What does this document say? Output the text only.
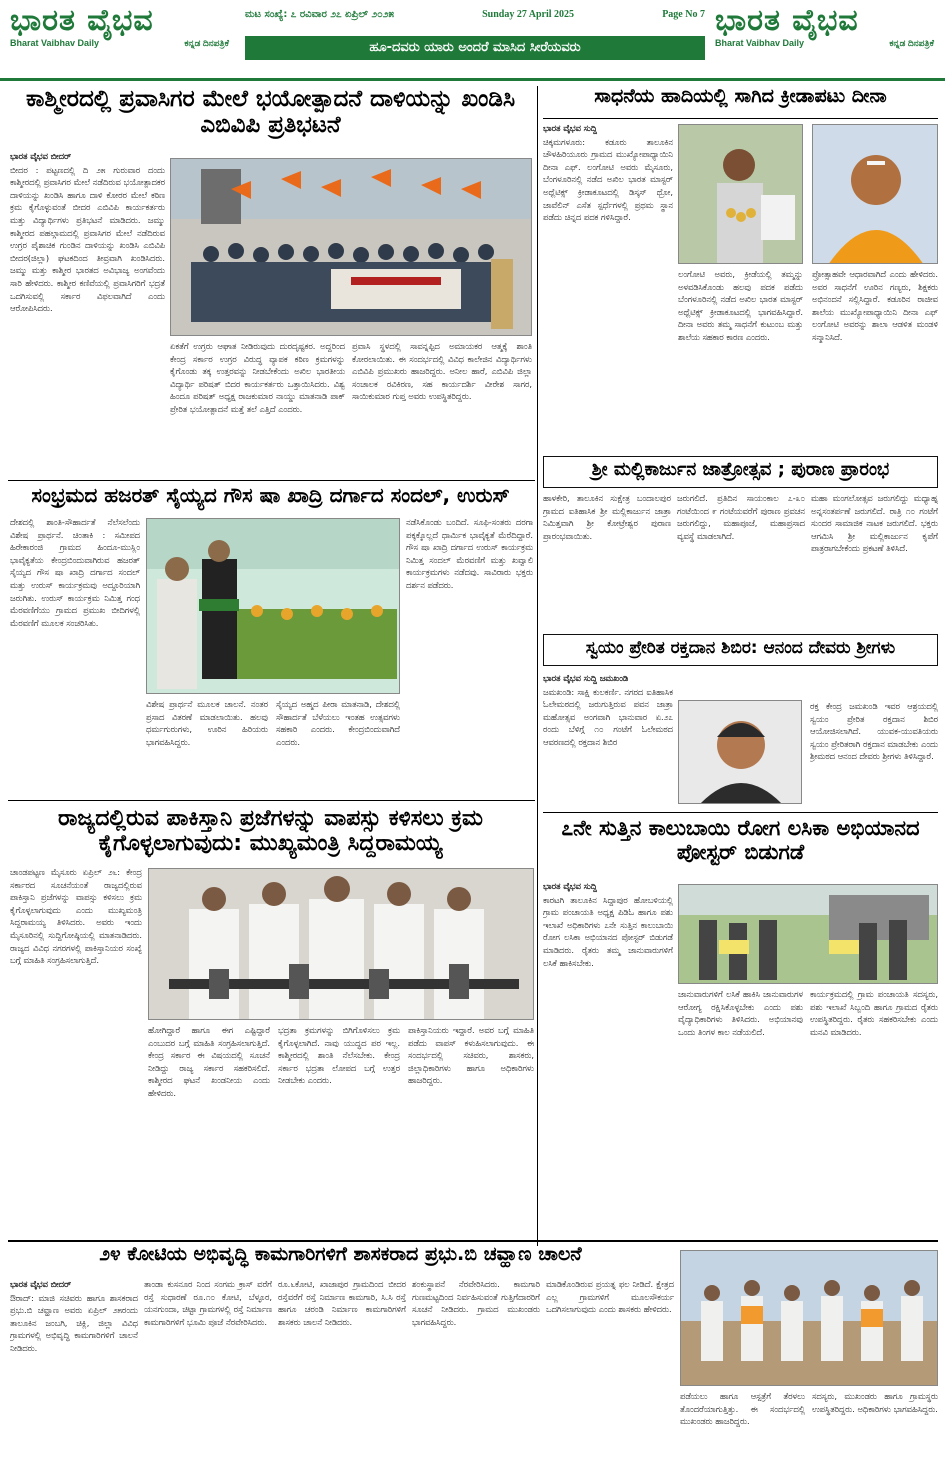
ಭಾರತ ವೈಭವ
Bharat Vaibhav Daily	ಕನ್ನಡ ದಿನಪತ್ರಿಕೆ
ಮಟ ಸಂಖ್ಯೆ: ೭ ರವಿವಾರ ೨೭ ಏಪ್ರಿಲ್ ೨೦೨೫	Sunday 27 April 2025	Page No 7
ಹೂ-ದವರು ಯಾರು ಅಂದರೆ ಮಾಸಿದ ಸೀರೆಯವರು
ಭಾರತ ವೈಭವ
Bharat Vaibhav Daily	ಕನ್ನಡ ದಿನಪತ್ರಿಕೆ
ಕಾಶ್ಮೀರದಲ್ಲಿ ಪ್ರವಾಸಿಗರ ಮೇಲೆ ಭಯೋತ್ಪಾದನೆ ದಾಳಿಯನ್ನು ಖಂಡಿಸಿ ಎಬಿವಿಪಿ ಪ್ರತಿಭಟನೆ

ಭಾರತ ವೈಭವ ಬೀದರ್

ಬೀದರ : ಪಟ್ಟಣದಲ್ಲಿ ದಿ ೨೫ ಗುರುವಾರ ದಂದು ಕಾಶ್ಮೀರದಲ್ಲಿ ಪ್ರವಾಸಿಗರ ಮೇಲೆ ನಡೆದಿರುವ ಭಯೋತ್ಪಾದಕರ ದಾಳಿಯನ್ನು ಖಂಡಿಸಿ ಹಾಗೂ ದಾಳಿ ಕೋರರ ಮೇಲೆ ಕಠಿಣ ಕ್ರಮ ಕೈಗೊಳ್ಳುವಂತೆ ಬೀದರ ಎಬಿವಿಪಿ ಕಾರ್ಯಕರ್ತರು ಮತ್ತು ವಿದ್ಯಾರ್ಥಿಗಳು ಪ್ರತಿಭಟನೆ ಮಾಡಿದರು. ಜಮ್ಮು ಕಾಶ್ಮೀರದ ಪಹಲ್ಗಾಮದಲ್ಲಿ ಪ್ರವಾಸಿಗರ ಮೇಲೆ ನಡೆದಿರುವ ಉಗ್ರರ ಪೈಶಾಚಿಕ ಗುಂಡಿನ ದಾಳಿಯನ್ನು ಖಂಡಿಸಿ ಎಬಿವಿಪಿ ಬೀದರ(ಜಿಲ್ಲಾ) ಘಟಕದಿಂದ ತೀವ್ರವಾಗಿ ಖಂಡಿಸಿದರು. ಜಮ್ಮು ಮತ್ತು ಕಾಶ್ಮೀರ ಭಾರತದ ಅವಿಭಾಜ್ಯ ಅಂಗವೆಂದು ಸಾರಿ ಹೇಳಿದರು. ಕಾಶ್ಮೀರ ಕಣಿವೆಯಲ್ಲಿ ಪ್ರವಾಸಿಗರಿಗೆ ಭದ್ರತೆ ಒದಗಿಸುವಲ್ಲಿ ಸರ್ಕಾರ ವಿಫಲವಾಗಿದೆ ಎಂದು ಆರೋಪಿಸಿದರು.

ಏಕತೆಗೆ ಉಗ್ರರು ಆಘಾತ ನೀಡಿರುವುದು ದುರದೃಷ್ಟಕರ. ಅದ್ದರಿಂದ ಕೇಂದ್ರ ಸರ್ಕಾರ ಉಗ್ರರ ವಿರುದ್ಧ ವ್ಯಾಪಕ ಕಠಿಣ ಕ್ರಮಗಳನ್ನು ಕೈಗೊಂಡು ತಕ್ಕ ಉತ್ತರವನ್ನು ನೀಡಬೇಕೆಂದು ಅಖಿಲ ಭಾರತೀಯ ವಿದ್ಯಾರ್ಥಿ ಪರಿಷತ್ ಬಿದರ ಕಾರ್ಯಕರ್ತರು ಒತ್ತಾಯಿಸಿದರು. ವಿಶ್ವ ಹಿಂದೂ ಪರಿಷತ್ ಅಧ್ಯಕ್ಷ ರಾಜಕುಮಾರ ನಾಯ್ಡು ಮಾತನಾಡಿ ಪಾಕ್ ಪ್ರೇರಿತ ಭಯೋತ್ಪಾದನೆ ಮತ್ತೆ ತಲೆ ಎತ್ತಿದೆ ಎಂದರು.
ಪ್ರವಾಸಿ ಸ್ಥಳದಲ್ಲಿ ಸಾವನ್ನಪ್ಪಿದ ಅಮಾಯಕರ ಆತ್ಮಕ್ಕೆ ಶಾಂತಿ ಕೋರಲಾಯಿತು. ಈ ಸಂದರ್ಭದಲ್ಲಿ ವಿವಿಧ ಕಾಲೇಜಿನ ವಿದ್ಯಾರ್ಥಿಗಳು ಎಬಿವಿಪಿ ಪ್ರಮುಖರು ಹಾಜರಿದ್ದರು. ಅನೀಲ ಹಾರೆ, ಎಬಿವಿಪಿ ಜಿಲ್ಲಾ ಸಂಚಾಲಕ ರವಿಕಿರಣ, ಸಹ ಕಾರ್ಯದರ್ಶಿ ವೀರೇಶ ಸಾಗರ, ಸಾಯಿಕುಮಾರ ಗುಪ್ತ ಅವರು ಉಪಸ್ಥಿತರಿದ್ದರು.
ಸಂಭ್ರಮದ ಹಜರತ್ ಸೈಯ್ಯದ ಗೌಸ ಷಾ ಖಾದ್ರಿ ದರ್ಗಾದ ಸಂದಲ್, ಉರುಸ್
ದೇಶದಲ್ಲಿ ಶಾಂತಿ-ಸೌಹಾರ್ದತೆ ನೆಲೆಸಲೆಂದು ವಿಶೇಷ ಪ್ರಾರ್ಥನೆ. ಚಿಂತಾಕಿ : ಸಮೀಪದ ಹಿರೇಕಾರಂಜಿ ಗ್ರಾಮದ ಹಿಂದೂ-ಮುಸ್ಲಿಂ ಭಾವೈಕ್ಯತೆಯ ಕೇಂದ್ರಬಿಂದುವಾಗಿರುವ ಹಜರತ್ ಸೈಯ್ಯದ ಗೌಸ ಷಾ ಖಾದ್ರಿ ದರ್ಗಾದ ಸಂದಲ್ ಮತ್ತು ಉರುಸ್ ಕಾರ್ಯಕ್ರಮವು ಅದ್ದೂರಿಯಾಗಿ ಜರುಗಿತು. ಉರುಸ್ ಕಾರ್ಯಕ್ರಮ ನಿಮಿತ್ತ ಗಂಧ ಮೆರವಣಿಗೆಯು ಗ್ರಾಮದ ಪ್ರಮುಖ ಬೀದಿಗಳಲ್ಲಿ ಮೆರವಣಿಗೆ ಮೂಲಕ ಸಂಚರಿಸಿತು.
ವಿಶೇಷ ಪ್ರಾರ್ಥನೆ ಮೂಲಕ ಚಾಲನೆ. ನಂತರ ಪ್ರಸಾದ ವಿತರಣೆ ಮಾಡಲಾಯಿತು. ಹಲವು ಧರ್ಮಗುರುಗಳು, ಊರಿನ ಹಿರಿಯರು ಭಾಗವಹಿಸಿದ್ದರು.
ಸೈಯ್ಯದ ಅಹ್ಮದ ಪೀರಾ ಮಾತನಾಡಿ, ದೇಶದಲ್ಲಿ ಸೌಹಾರ್ದತೆ ಬೆಳೆಯಲು ಇಂತಹ ಉತ್ಸವಗಳು ಸಹಕಾರಿ ಎಂದರು. ಕೇಂದ್ರಬಿಂದುವಾಗಿದೆ ಎಂದರು.
ನಡೆಸಿಕೊಂಡು ಬಂದಿದೆ. ಸೂಫಿ-ಸಂತರು ದರಗಾ ಪಕ್ಕಕ್ಕೊಲ್ಲದೆ ಧಾರ್ಮಿಕ ಭಾವೈಕ್ಯತೆ ಮೆರೆದಿದ್ದಾರೆ. ಗೌಸ ಷಾ ಖಾದ್ರಿ ದರ್ಗಾದ ಉರುಸ್ ಕಾರ್ಯಕ್ರಮ ನಿಮಿತ್ತ ಸಂದಲ್ ಮೆರವಣಿಗೆ ಮತ್ತು ಖವ್ವಾಲಿ ಕಾರ್ಯಕ್ರಮಗಳು ನಡೆದವು. ಸಾವಿರಾರು ಭಕ್ತರು ದರ್ಶನ ಪಡೆದರು.
ರಾಜ್ಯದಲ್ಲಿರುವ ಪಾಕಿಸ್ತಾನಿ ಪ್ರಜೆಗಳನ್ನು ವಾಪಸ್ಸು ಕಳಿಸಲು ಕ್ರಮ ಕೈಗೊಳ್ಳಲಾಗುವುದು: ಮುಖ್ಯಮಂತ್ರಿ ಸಿದ್ದರಾಮಯ್ಯ
ಚಾಂಡಪಟ್ಟಣ ಮೈಸೂರು ಏಪ್ರಿಲ್ ೨೬: ಕೇಂದ್ರ ಸರ್ಕಾರದ ಸೂಚನೆಯಂತೆ ರಾಜ್ಯದಲ್ಲಿರುವ ಪಾಕಿಸ್ತಾನಿ ಪ್ರಜೆಗಳನ್ನು ವಾಪಸ್ಸು ಕಳಿಸಲು ಕ್ರಮ ಕೈಗೊಳ್ಳಲಾಗುವುದು ಎಂದು ಮುಖ್ಯಮಂತ್ರಿ ಸಿದ್ದರಾಮಯ್ಯ ತಿಳಿಸಿದರು. ಅವರು ಇಂದು ಮೈಸೂರಿನಲ್ಲಿ ಸುದ್ದಿಗೋಷ್ಠಿಯಲ್ಲಿ ಮಾತನಾಡಿದರು. ರಾಜ್ಯದ ವಿವಿಧ ನಗರಗಳಲ್ಲಿ ಪಾಕಿಸ್ತಾನಿಯರ ಸಂಖ್ಯೆ ಬಗ್ಗೆ ಮಾಹಿತಿ ಸಂಗ್ರಹಿಸಲಾಗುತ್ತಿದೆ.
ಹೋಗಿದ್ದಾರೆ ಹಾಗೂ ಈಗ ಎಷ್ಟಿದ್ದಾರೆ ಎಂಬುದರ ಬಗ್ಗೆ ಮಾಹಿತಿ ಸಂಗ್ರಹಿಸಲಾಗುತ್ತಿದೆ. ಕೇಂದ್ರ ಸರ್ಕಾರ ಈ ವಿಷಯದಲ್ಲಿ ಸೂಚನೆ ನೀಡಿದ್ದು ರಾಜ್ಯ ಸರ್ಕಾರ ಸಹಕರಿಸಲಿದೆ. ಕಾಶ್ಮೀರದ ಘಟನೆ ಖಂಡನೀಯ ಎಂದು ಹೇಳಿದರು.
ಭದ್ರತಾ ಕ್ರಮಗಳನ್ನು ಬಿಗಿಗೊಳಿಸಲು ಕ್ರಮ ಕೈಗೊಳ್ಳಲಾಗಿದೆ. ನಾವು ಯುದ್ಧದ ಪರ ಇಲ್ಲ. ಕಾಶ್ಮೀರದಲ್ಲಿ ಶಾಂತಿ ನೆಲೆಸಬೇಕು. ಕೇಂದ್ರ ಸರ್ಕಾರ ಭದ್ರತಾ ಲೋಪದ ಬಗ್ಗೆ ಉತ್ತರ ನೀಡಬೇಕು ಎಂದರು.
ಪಾಕಿಸ್ತಾನಿಯರು ಇದ್ದಾರೆ. ಅವರ ಬಗ್ಗೆ ಮಾಹಿತಿ ಪಡೆದು ವಾಪಸ್ ಕಳುಹಿಸಲಾಗುವುದು. ಈ ಸಂದರ್ಭದಲ್ಲಿ ಸಚಿವರು, ಶಾಸಕರು, ಜಿಲ್ಲಾಧಿಕಾರಿಗಳು ಹಾಗೂ ಅಧಿಕಾರಿಗಳು ಹಾಜರಿದ್ದರು.
ಸಾಧನೆಯ ಹಾದಿಯಲ್ಲಿ ಸಾಗಿದ ಕ್ರೀಡಾಪಟು ದೀನಾ

ಭಾರತ ವೈಭವ ಸುದ್ದಿ

ಚಿಕ್ಕಮಗಳೂರು: ಕಡೂರು ತಾಲೂಕಿನ ಚೌಳಹಿರಿಯೂರು ಗ್ರಾಮದ ಮುಖ್ಯೋಪಾಧ್ಯಾಯಿನಿ ದೀನಾ ಎಫ್. ಲಂಗೋಟಿ ಅವರು ಮೈಸೂರು, ಬೆಂಗಳೂರಿನಲ್ಲಿ ನಡೆದ ಅಖಿಲ ಭಾರತ ಮಾಸ್ಟರ್ ಅಥ್ಲೆಟಿಕ್ಸ್ ಕ್ರೀಡಾಕೂಟದಲ್ಲಿ ಡಿಸ್ಕಸ್ ಥ್ರೋ, ಜಾವೆಲಿನ್ ಎಸೆತ ಸ್ಪರ್ಧೆಗಳಲ್ಲಿ ಪ್ರಥಮ ಸ್ಥಾನ ಪಡೆದು ಚಿನ್ನದ ಪದಕ ಗಳಿಸಿದ್ದಾರೆ.

ಲಂಗೋಟಿ ಅವರು, ಕ್ರೀಡೆಯಲ್ಲಿ ತಮ್ಮನ್ನು ಅಳವಡಿಸಿಕೊಂಡು ಹಲವು ಪದಕ ಪಡೆದು ಬೆಂಗಳೂರಿನಲ್ಲಿ ನಡೆದ ಅಖಿಲ ಭಾರತ ಮಾಸ್ಟರ್ ಅಥ್ಲೆಟಿಕ್ಸ್ ಕ್ರೀಡಾಕೂಟದಲ್ಲಿ ಭಾಗವಹಿಸಿದ್ದಾರೆ. ದೀನಾ ಅವರು ತಮ್ಮ ಸಾಧನೆಗೆ ಕುಟುಂಬ ಮತ್ತು ಶಾಲೆಯ ಸಹಕಾರ ಕಾರಣ ಎಂದರು.
ಪ್ರೋತ್ಸಾಹವೇ ಆಧಾರವಾಗಿದೆ ಎಂದು ಹೇಳಿದರು. ಅವರ ಸಾಧನೆಗೆ ಊರಿನ ಗಣ್ಯರು, ಶಿಕ್ಷಕರು ಅಭಿನಂದನೆ ಸಲ್ಲಿಸಿದ್ದಾರೆ. ಕಡೂರಿನ ರಾಜೀವ ಶಾಲೆಯ ಮುಖ್ಯೋಪಾಧ್ಯಾಯಿನಿ ದೀನಾ ಎಫ್ ಲಂಗೋಟಿ ಅವರನ್ನು ಶಾಲಾ ಆಡಳಿತ ಮಂಡಳಿ ಸನ್ಮಾನಿಸಿದೆ.
ಶ್ರೀ ಮಲ್ಲಿಕಾರ್ಜುನ ಜಾತ್ರೋತ್ಸವ ; ಪುರಾಣ ಪ್ರಾರಂಭ
ಹಾಳಕೇರಿ, ತಾಲೂಕಿನ ಸುಕ್ಷೇತ್ರ ಬಂದಾಲಪುರ ಗ್ರಾಮದ ಐತಿಹಾಸಿಕ ಶ್ರೀ ಮಲ್ಲಿಕಾರ್ಜುನ ಜಾತ್ರಾ ನಿಮಿತ್ತವಾಗಿ ಶ್ರೀ ಕೋಟ್ರೇಶ್ವರ ಪುರಾಣ ಪ್ರಾರಂಭವಾಯಿತು.
ಜರುಗಲಿದೆ. ಪ್ರತಿದಿನ ಸಾಯಂಕಾಲ ೭-೩೦ ಗಂಟೆಯಿಂದ ೯ ಗಂಟೆಯವರೆಗೆ ಪುರಾಣ ಪ್ರವಚನ ಜರುಗಲಿದ್ದು, ಮಹಾಪೂಜೆ, ಮಹಾಪ್ರಸಾದ ವ್ಯವಸ್ಥೆ ಮಾಡಲಾಗಿದೆ.
ಮಹಾ ಮಂಗಲೋತ್ಸವ ಜರುಗಲಿದ್ದು ಮಧ್ಯಾಹ್ನ ಅನ್ನಸಂತರ್ಪಣೆ ಜರುಗಲಿದೆ. ರಾತ್ರಿ ೧೦ ಗಂಟೆಗೆ ಸುಂದರ ಸಾಮಾಜಿಕ ನಾಟಕ ಜರುಗಲಿದೆ. ಭಕ್ತರು ಆಗಮಿಸಿ ಶ್ರೀ ಮಲ್ಲಿಕಾರ್ಜುನ ಕೃಪೆಗೆ ಪಾತ್ರರಾಗಬೇಕೆಂದು ಪ್ರಕಟಣೆ ತಿಳಿಸಿದೆ.
ಸ್ವಯಂ ಪ್ರೇರಿತ ರಕ್ತದಾನ ಶಿಬಿರ: ಆನಂದ ದೇವರು ಶ್ರೀಗಳು

ಭಾರತ ವೈಭವ ಸುದ್ದಿ ಜಮಖಂಡಿ

ಜಮಖಂಡಿ: ಸಾಕ್ಷಿ ಕುಲಕರ್ಣಿ. ನಗರದ ಐತಿಹಾಸಿಕ ಓಲೇಮಠದಲ್ಲಿ ಜರುಗುತ್ತಿರುವ ಪವನ ಜಾತ್ರಾ ಮಹೋತ್ಸವ ಅಂಗವಾಗಿ ಭಾನುವಾರ ಏ.೨೭ ರಂದು ಬೆಳಿಗ್ಗೆ ೧೦ ಗಂಟೆಗೆ ಓಲೇಮಠದ ಆವರಣದಲ್ಲಿ ರಕ್ತದಾನ ಶಿಬಿರ

ರಕ್ತ ಕೇಂದ್ರ ಜಮಖಂಡಿ ಇವರ ಆಶ್ರಯದಲ್ಲಿ ಸ್ವಯಂ ಪ್ರೇರಿತ ರಕ್ತದಾನ ಶಿಬಿರ ಆಯೋಜಿಸಲಾಗಿದೆ. ಯುವಕ-ಯುವತಿಯರು ಸ್ವಯಂ ಪ್ರೇರಿತರಾಗಿ ರಕ್ತದಾನ ಮಾಡಬೇಕು ಎಂದು ಶ್ರೀಮಠದ ಆನಂದ ದೇವರು ಶ್ರೀಗಳು ತಿಳಿಸಿದ್ದಾರೆ.
೭ನೇ ಸುತ್ತಿನ ಕಾಲುಬಾಯಿ ರೋಗ ಲಸಿಕಾ ಅಭಿಯಾನದ ಪೋಸ್ಟರ್ ಬಿಡುಗಡೆ

ಭಾರತ ವೈಭವ ಸುದ್ದಿ

ಕಾರಟಗಿ ತಾಲೂಕಿನ ಸಿದ್ದಾಪುರ ಹೋಬಳಿಯಲ್ಲಿ ಗ್ರಾಮ ಪಂಚಾಯತಿ ಅಧ್ಯಕ್ಷ ಪಿಡಿಓ ಹಾಗೂ ಪಶು ಇಲಾಖೆ ಅಧಿಕಾರಿಗಳು ೭ನೇ ಸುತ್ತಿನ ಕಾಲುಬಾಯಿ ರೋಗ ಲಸಿಕಾ ಅಭಿಯಾನದ ಪೋಸ್ಟರ್ ಬಿಡುಗಡೆ ಮಾಡಿದರು. ರೈತರು ತಮ್ಮ ಜಾನುವಾರುಗಳಿಗೆ ಲಸಿಕೆ ಹಾಕಿಸಬೇಕು.

ಜಾನುವಾರುಗಳಿಗೆ ಲಸಿಕೆ ಹಾಕಿಸಿ ಜಾನುವಾರುಗಳ ಆರೋಗ್ಯ ರಕ್ಷಿಸಿಕೊಳ್ಳಬೇಕು ಎಂದು ಪಶು ವೈದ್ಯಾಧಿಕಾರಿಗಳು ತಿಳಿಸಿದರು. ಅಭಿಯಾನವು ಒಂದು ತಿಂಗಳ ಕಾಲ ನಡೆಯಲಿದೆ.
ಕಾರ್ಯಕ್ರಮದಲ್ಲಿ ಗ್ರಾಮ ಪಂಚಾಯತಿ ಸದಸ್ಯರು, ಪಶು ಇಲಾಖೆ ಸಿಬ್ಬಂದಿ ಹಾಗೂ ಗ್ರಾಮದ ರೈತರು ಉಪಸ್ಥಿತರಿದ್ದರು. ರೈತರು ಸಹಕರಿಸಬೇಕು ಎಂದು ಮನವಿ ಮಾಡಿದರು.
೨೪ ಕೋಟಿಯ ಅಭಿವೃದ್ಧಿ ಕಾಮಗಾರಿಗಳಿಗೆ ಶಾಸಕರಾದ ಪ್ರಭು.ಬಿ ಚವ್ಹಾಣ ಚಾಲನೆ

ಭಾರತ ವೈಭವ ಬೀದರ್

ಔರಾದ್: ಮಾಜಿ ಸಚಿವರು ಹಾಗೂ ಶಾಸಕರಾದ ಪ್ರಭು.ಬಿ ಚವ್ಹಾಣ ಅವರು ಏಪ್ರಿಲ್ ೨೫ರಂದು ತಾಲೂಕಿನ ಜಂಬಗಿ, ಚಿಕ್ಲಿ, ಜಿಲ್ಲಾ ವಿವಿಧ ಗ್ರಾಮಗಳಲ್ಲಿ ಅಭಿವೃದ್ಧಿ ಕಾಮಗಾರಿಗಳಿಗೆ ಚಾಲನೆ ನೀಡಿದರು.

ತಾಂಡಾ ಕುಸನೂರ ನಿಂದ ಸಂಗಮ ಕ್ರಾಸ್ ವರೆಗೆ ರಸ್ತೆ ಸುಧಾರಣೆ ರೂ.೧೦ ಕೋಟಿ, ಬೆಳ್ಳೂರ, ಯನಗುಂದಾ, ಚಿಟ್ಟಾ ಗ್ರಾಮಗಳಲ್ಲಿ ರಸ್ತೆ ನಿರ್ಮಾಣ ಕಾಮಗಾರಿಗಳಿಗೆ ಭೂಮಿ ಪೂಜೆ ನೆರವೇರಿಸಿದರು.
ರೂ.೬ಕೋಟಿ, ಖಾಜಾಪುರ ಗ್ರಾಮದಿಂದ ಬೀದರ ರಸ್ತೆವರೆಗೆ ರಸ್ತೆ ನಿರ್ಮಾಣ ಕಾಮಗಾರಿ, ಸಿ.ಸಿ ರಸ್ತೆ ಹಾಗೂ ಚರಂಡಿ ನಿರ್ಮಾಣ ಕಾಮಗಾರಿಗಳಿಗೆ ಶಾಸಕರು ಚಾಲನೆ ನೀಡಿದರು.
ಶಂಕುಸ್ಥಾಪನೆ ನೆರವೇರಿಸಿದರು. ಕಾಮಗಾರಿ ಗುಣಮಟ್ಟದಿಂದ ನಿರ್ವಹಿಸುವಂತೆ ಗುತ್ತಿಗೆದಾರರಿಗೆ ಸೂಚನೆ ನೀಡಿದರು. ಗ್ರಾಮದ ಮುಖಂಡರು ಭಾಗವಹಿಸಿದ್ದರು.
ಮಾಡಿಕೊಂಡಿರುವ ಪ್ರಯತ್ನ ಫಲ ನೀಡಿದೆ. ಕ್ಷೇತ್ರದ ಎಲ್ಲ ಗ್ರಾಮಗಳಿಗೆ ಮೂಲಸೌಕರ್ಯ ಒದಗಿಸಲಾಗುವುದು ಎಂದು ಶಾಸಕರು ಹೇಳಿದರು.
ಪಡೆಯಲು ಹಾಗೂ ಆಸ್ಪತ್ರೆಗೆ ತೆರಳಲು ತೊಂದರೆಯಾಗುತ್ತಿತ್ತು. ಈ ಸಂದರ್ಭದಲ್ಲಿ ಮುಖಂಡರು ಹಾಜರಿದ್ದರು.
ಸದಸ್ಯರು, ಮುಖಂಡರು ಹಾಗೂ ಗ್ರಾಮಸ್ಥರು ಉಪಸ್ಥಿತರಿದ್ದರು. ಅಧಿಕಾರಿಗಳು ಭಾಗವಹಿಸಿದ್ದರು.
